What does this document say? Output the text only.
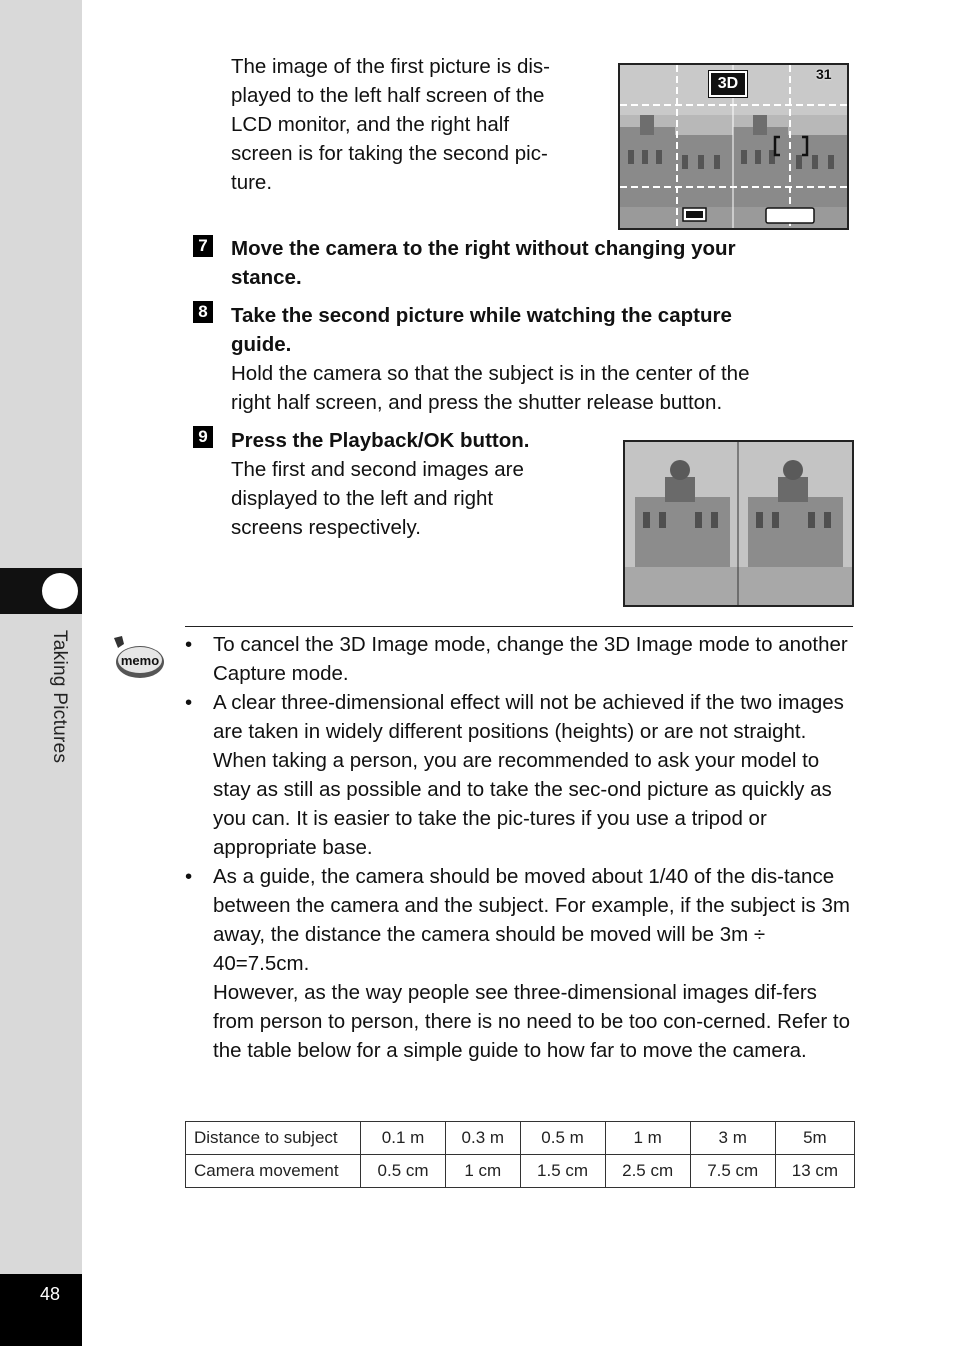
Taking Pictures
48

The image of the first picture is dis-
played to the left half screen of the
LCD monitor, and the right half
screen is for taking the second pic-
ture.

3D
31
7 Move the camera to the right without changing your
stance.

8 Take the second picture while watching the capture
guide.

Hold the camera so that the subject is in the center of the
right half screen, and press the shutter release button.

9 Press the Playback/OK button.

The first and second images are
displayed to the left and right
screens respectively.

memo
• To cancel the 3D Image mode, change the 3D Image mode to another Capture mode.
• A clear three-dimensional effect will not be achieved if the two images are taken in widely different positions (heights) or are not straight. When taking a person, you are recommended to ask your model to stay as still as possible and to take the sec-ond picture as quickly as you can. It is easier to take the pic-tures if you use a tripod or appropriate base.
• As a guide, the camera should be moved about 1/40 of the dis-tance between the camera and the subject. For example, if the subject is 3m away, the distance the camera should be moved will be 3m ÷ 40=7.5cm.
However, as the way people see three-dimensional images dif-fers from person to person, there is no need to be too con-cerned. Refer to the table below for a simple guide to how far to move the camera.
Distance to subject	0.1 m	0.3 m	0.5 m	1 m	3 m	5m
Camera movement	0.5 cm	1 cm	1.5 cm	2.5 cm	7.5 cm	13 cm
